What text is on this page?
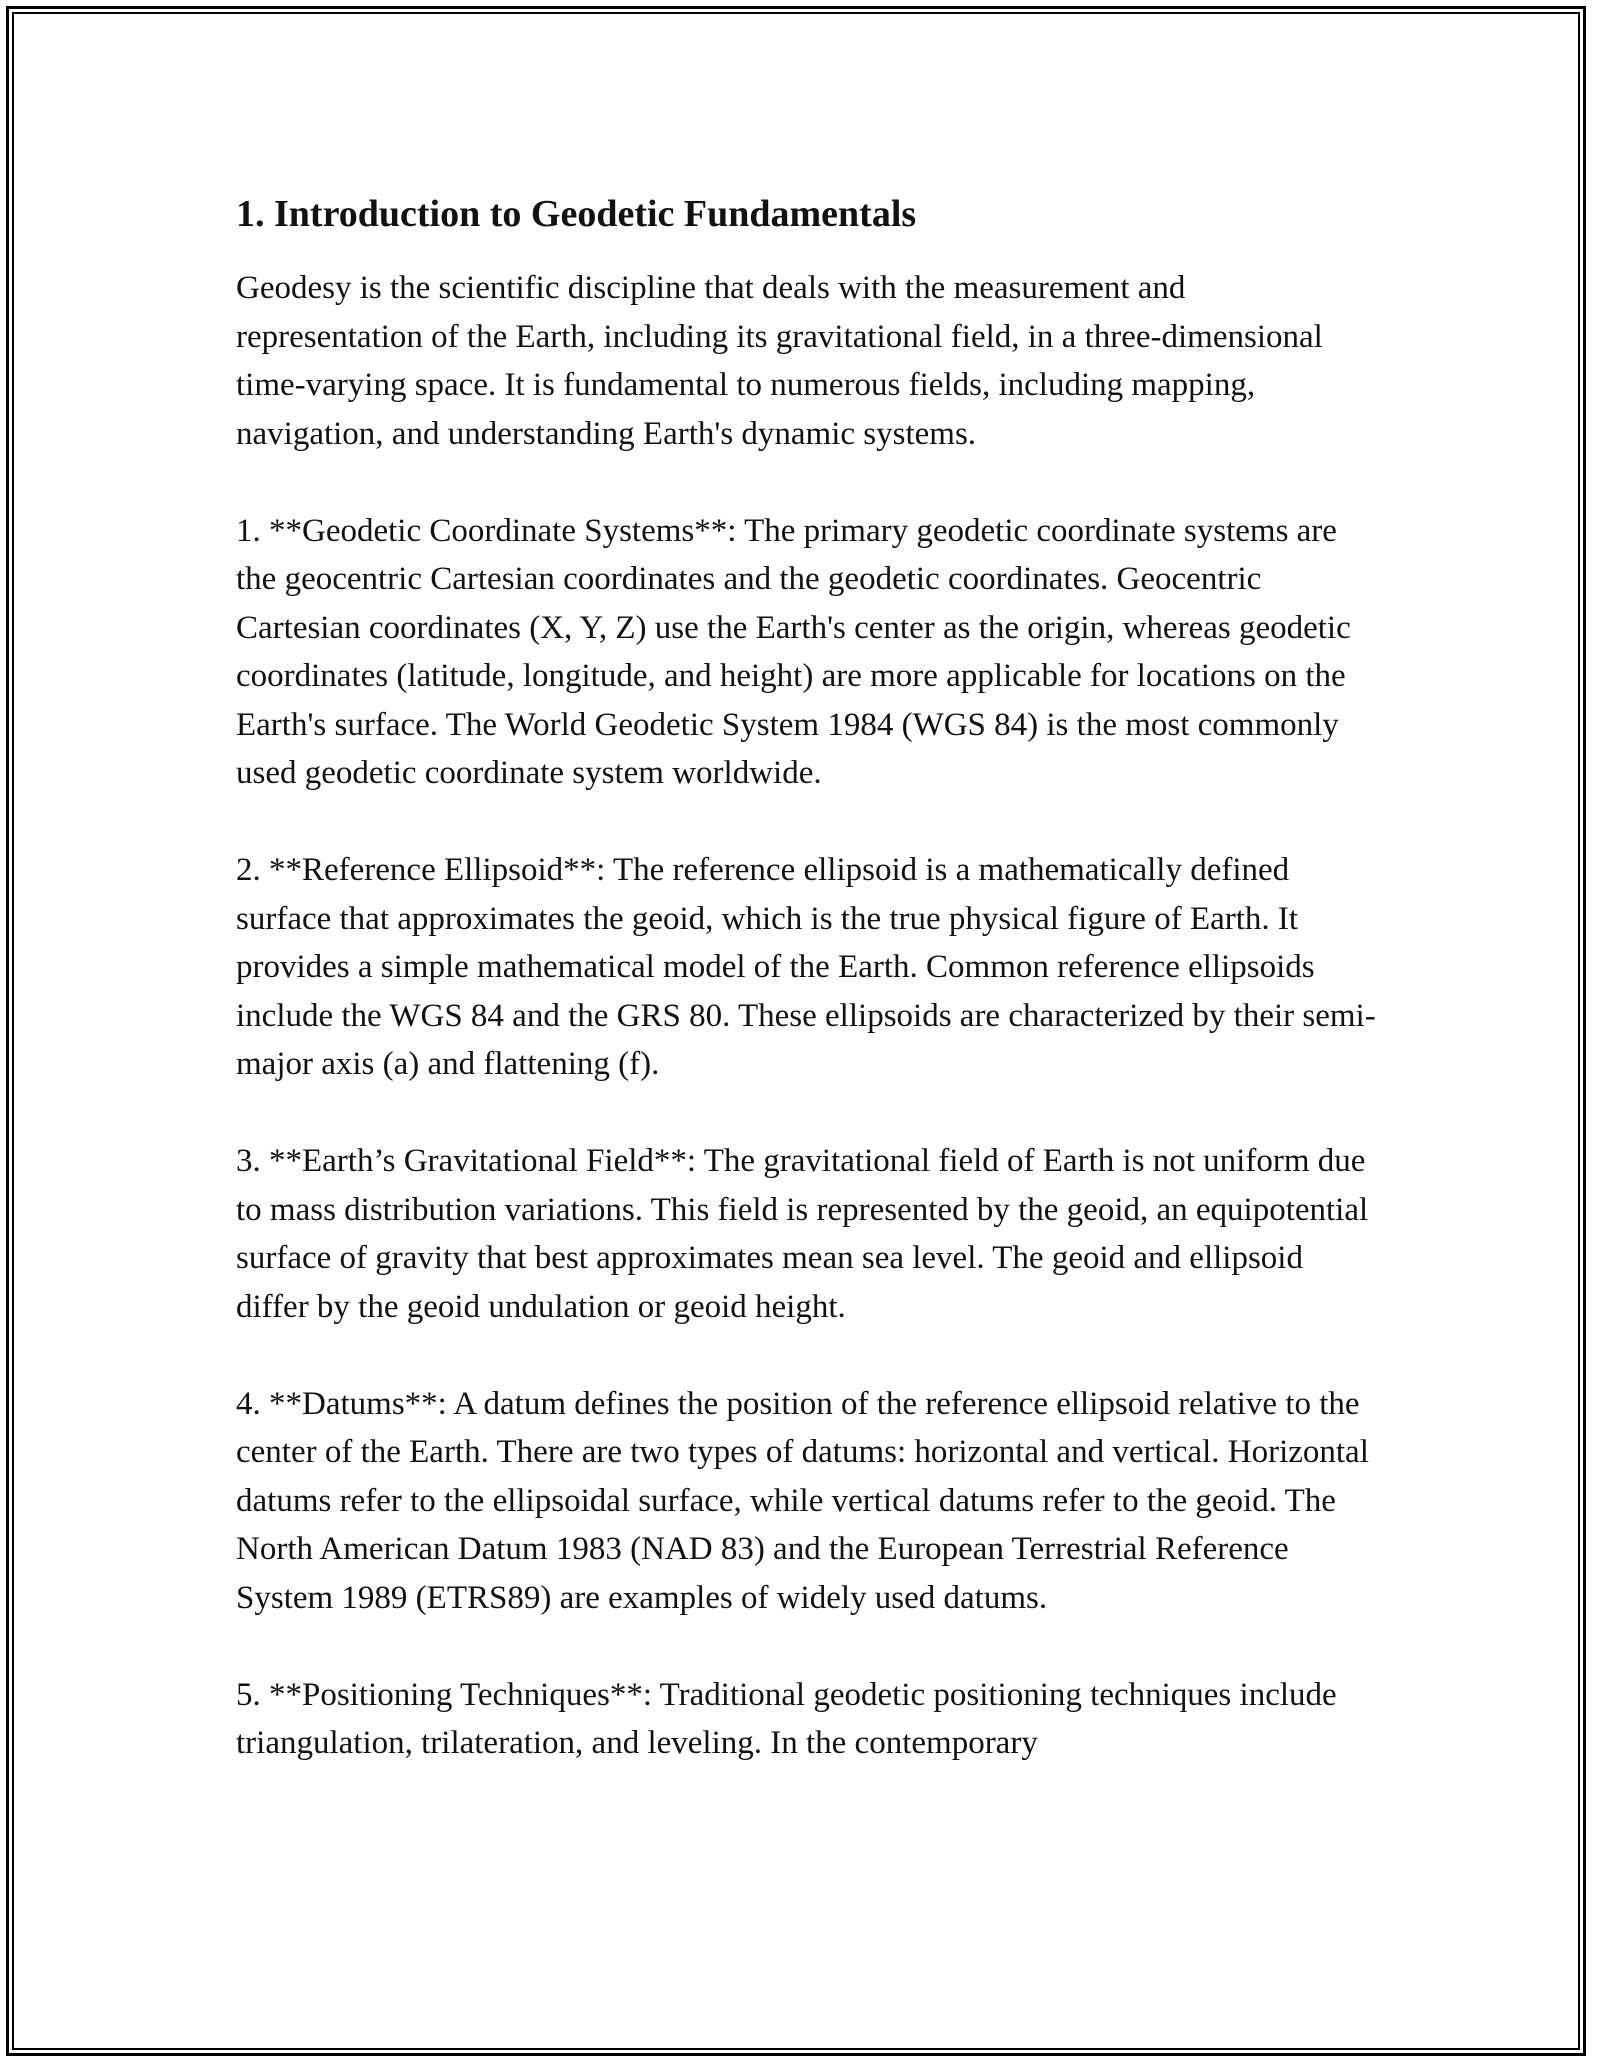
1. Introduction to Geodetic Fundamentals

Geodesy is the scientific discipline that deals with the measurement and representation of the Earth, including its gravitational field, in a three-dimensional time-varying space. It is fundamental to numerous fields, including mapping, navigation, and understanding Earth's dynamic systems.

1. **Geodetic Coordinate Systems**: The primary geodetic coordinate systems are the geocentric Cartesian coordinates and the geodetic coordinates. Geocentric Cartesian coordinates (X, Y, Z) use the Earth's center as the origin, whereas geodetic coordinates (latitude, longitude, and height) are more applicable for locations on the Earth's surface. The World Geodetic System 1984 (WGS 84) is the most commonly used geodetic coordinate system worldwide.

2. **Reference Ellipsoid**: The reference ellipsoid is a mathematically defined surface that approximates the geoid, which is the true physical figure of Earth. It provides a simple mathematical model of the Earth. Common reference ellipsoids include the WGS 84 and the GRS 80. These ellipsoids are characterized by their semi-major axis (a) and flattening (f).

3. **Earth’s Gravitational Field**: The gravitational field of Earth is not uniform due to mass distribution variations. This field is represented by the geoid, an equipotential surface of gravity that best approximates mean sea level. The geoid and ellipsoid differ by the geoid undulation or geoid height.

4. **Datums**: A datum defines the position of the reference ellipsoid relative to the center of the Earth. There are two types of datums: horizontal and vertical. Horizontal datums refer to the ellipsoidal surface, while vertical datums refer to the geoid. The North American Datum 1983 (NAD 83) and the European Terrestrial Reference System 1989 (ETRS89) are examples of widely used datums.

5. **Positioning Techniques**: Traditional geodetic positioning techniques include triangulation, trilateration, and leveling. In the contemporary
